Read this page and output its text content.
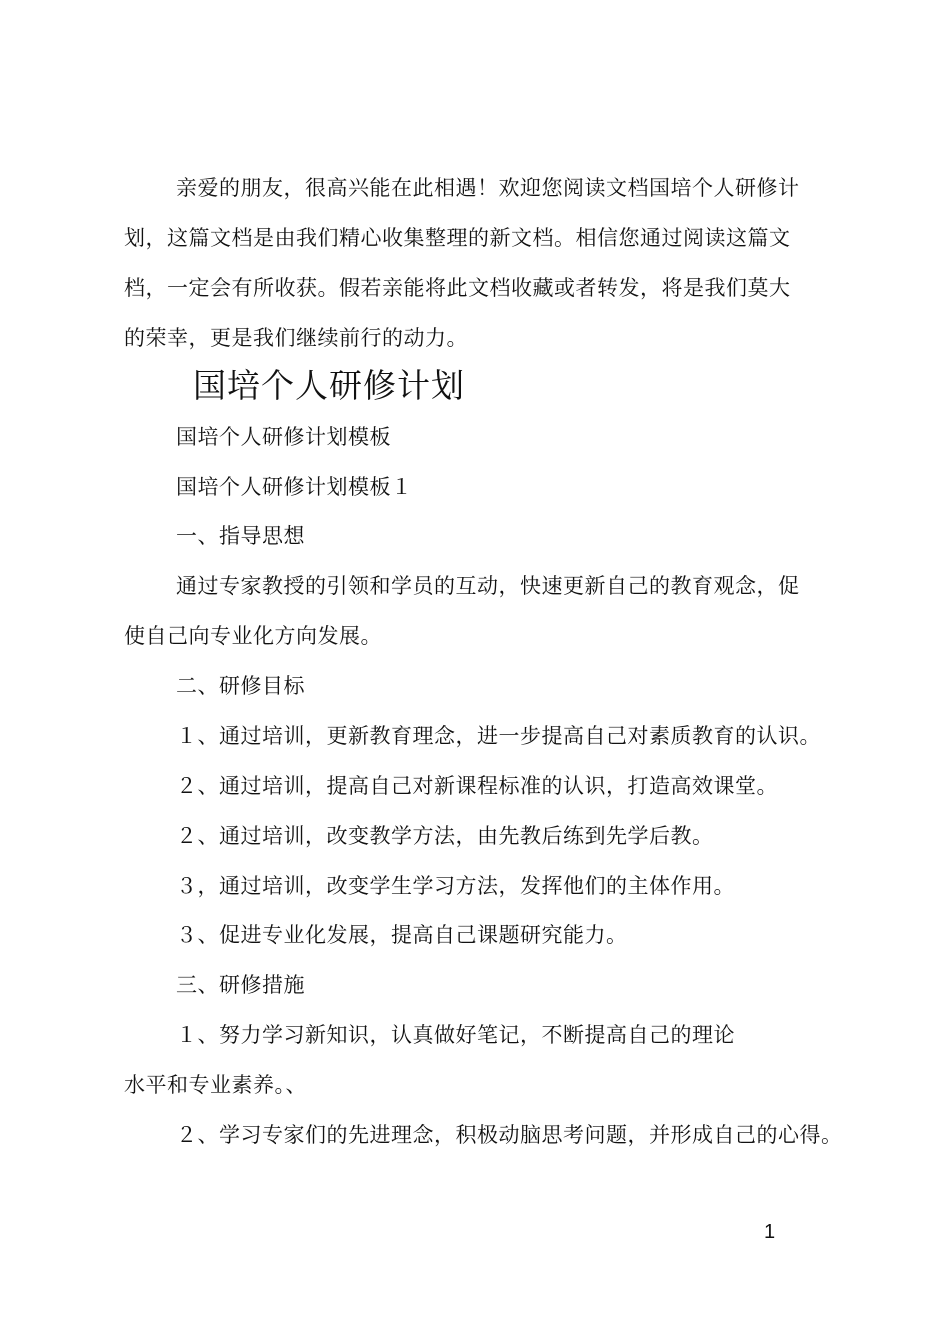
亲爱的朋友，很高兴能在此相遇！欢迎您阅读文档国培个人研修计
划，这篇文档是由我们精心收集整理的新文档。相信您通过阅读这篇文
档，一定会有所收获。假若亲能将此文档收藏或者转发，将是我们莫大
的荣幸，更是我们继续前行的动力。
国培个人研修计划
国培个人研修计划模板
国培个人研修计划模板１
一、指导思想
通过专家教授的引领和学员的互动，快速更新自己的教育观念，促
使自己向专业化方向发展。
二、研修目标
１、通过培训，更新教育理念，进一步提高自己对素质教育的认识。
２、通过培训，提高自己对新课程标准的认识，打造高效课堂。
２、通过培训，改变教学方法，由先教后练到先学后教。
３，通过培训，改变学生学习方法，发挥他们的主体作用。
３、促进专业化发展，提高自己课题研究能力。
三、研修措施
１、努力学习新知识，认真做好笔记，不断提高自己的理论
水平和专业素养。、
２、学习专家们的先进理念，积极动脑思考问题，并形成自己的心得。
1
